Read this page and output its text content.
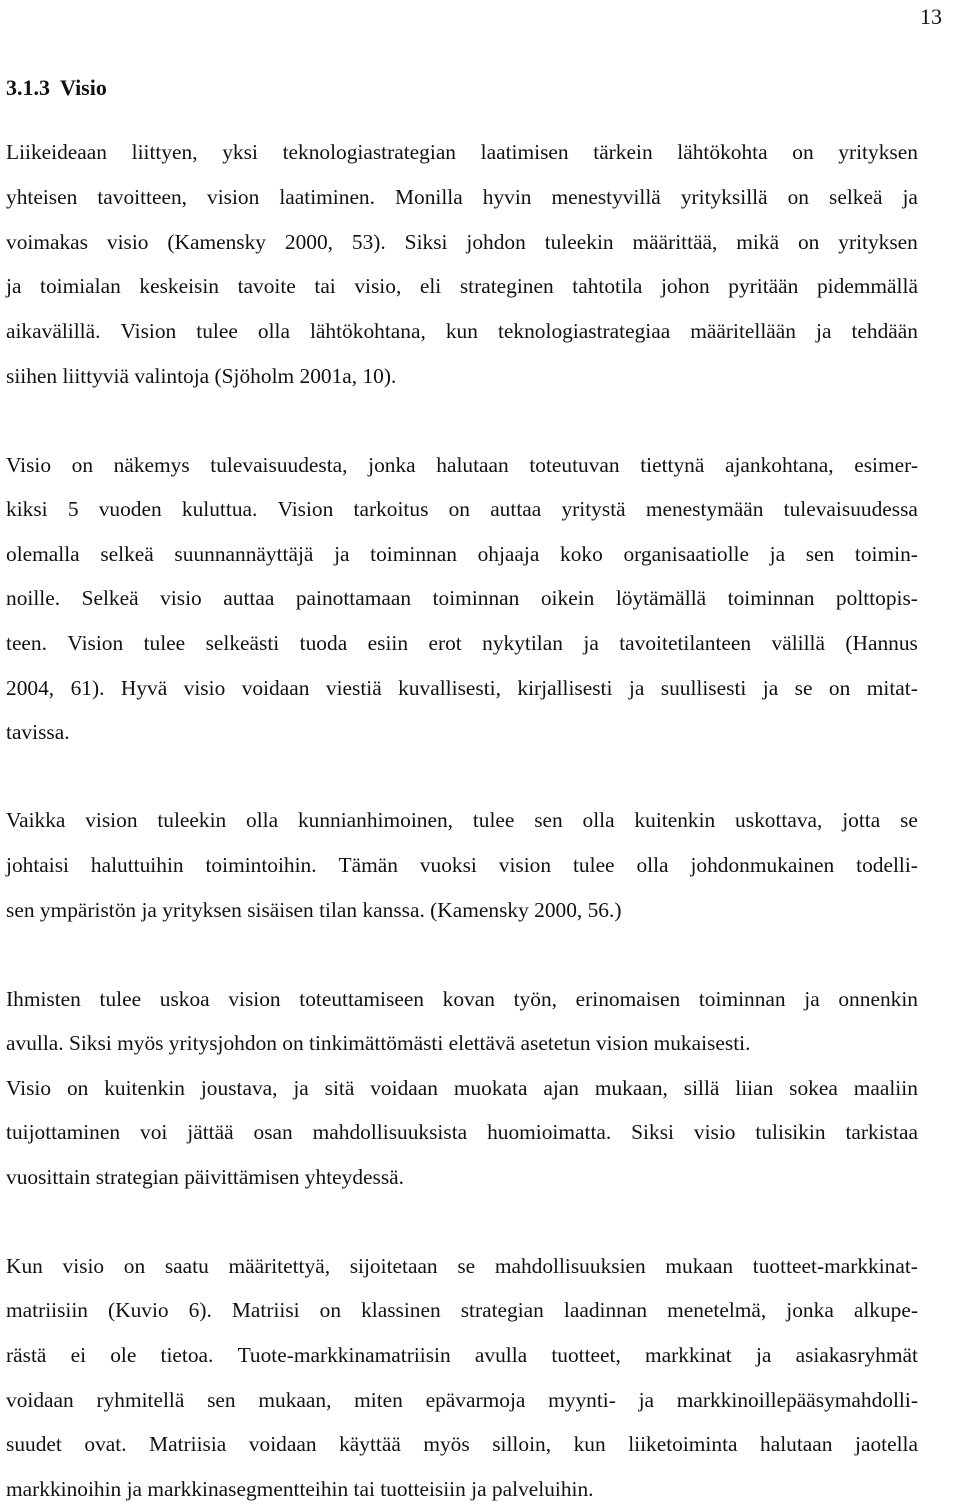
13
3.1.3 Visio
Liikeideaan liittyen, yksi teknologiastrategian laatimisen tärkein lähtökohta on yrityksen
yhteisen tavoitteen, vision laatiminen. Monilla hyvin menestyvillä yrityksillä on selkeä ja
voimakas visio (Kamensky 2000, 53). Siksi johdon tuleekin määrittää, mikä on yrityksen
ja toimialan keskeisin tavoite tai visio, eli strateginen tahtotila johon pyritään pidemmällä
aikavälillä. Vision tulee olla lähtökohtana, kun teknologiastrategiaa määritellään ja tehdään
siihen liittyviä valintoja (Sjöholm 2001a, 10).
Visio on näkemys tulevaisuudesta, jonka halutaan toteutuvan tiettynä ajankohtana, esimer-
kiksi 5 vuoden kuluttua. Vision tarkoitus on auttaa yritystä menestymään tulevaisuudessa
olemalla selkeä suunnannäyttäjä ja toiminnan ohjaaja koko organisaatiolle ja sen toimin-
noille. Selkeä visio auttaa painottamaan toiminnan oikein löytämällä toiminnan polttopis-
teen. Vision tulee selkeästi tuoda esiin erot nykytilan ja tavoitetilanteen välillä (Hannus
2004, 61). Hyvä visio voidaan viestiä kuvallisesti, kirjallisesti ja suullisesti ja se on mitat-
tavissa.
Vaikka vision tuleekin olla kunnianhimoinen, tulee sen olla kuitenkin uskottava, jotta se
johtaisi haluttuihin toimintoihin. Tämän vuoksi vision tulee olla johdonmukainen todelli-
sen ympäristön ja yrityksen sisäisen tilan kanssa. (Kamensky 2000, 56.)
Ihmisten tulee uskoa vision toteuttamiseen kovan työn, erinomaisen toiminnan ja onnenkin
avulla. Siksi myös yritysjohdon on tinkimättömästi elettävä asetetun vision mukaisesti.
Visio on kuitenkin joustava, ja sitä voidaan muokata ajan mukaan, sillä liian sokea maaliin
tuijottaminen voi jättää osan mahdollisuuksista huomioimatta. Siksi visio tulisikin tarkistaa
vuosittain strategian päivittämisen yhteydessä.
Kun visio on saatu määritettyä, sijoitetaan se mahdollisuuksien mukaan tuotteet-markkinat-
matriisiin (Kuvio 6). Matriisi on klassinen strategian laadinnan menetelmä, jonka alkupe-
rästä ei ole tietoa. Tuote-markkinamatriisin avulla tuotteet, markkinat ja asiakasryhmät
voidaan ryhmitellä sen mukaan, miten epävarmoja myynti- ja markkinoillepääsymahdolli-
suudet ovat. Matriisia voidaan käyttää myös silloin, kun liiketoiminta halutaan jaotella
markkinoihin ja markkinasegmentteihin tai tuotteisiin ja palveluihin.
